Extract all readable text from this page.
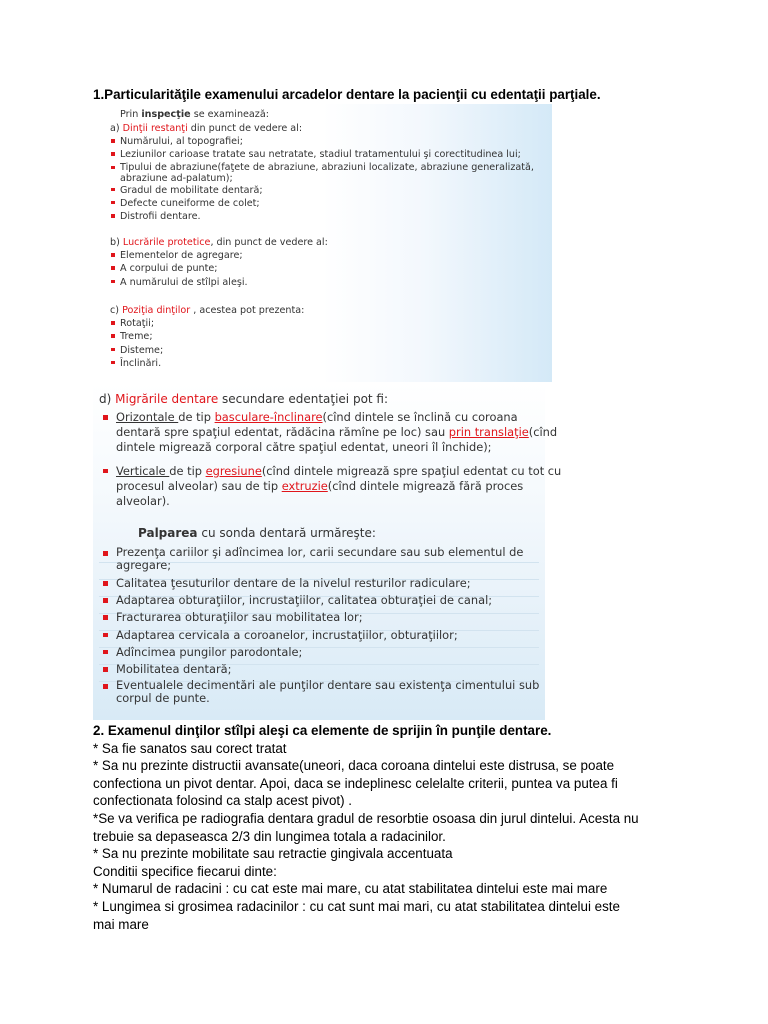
1.Particularităţile examenului arcadelor dentare la pacienţii cu edentaţii parţiale.
Prin inspecţie se examinează:
a) Dinţii restanţi din punct de vedere al:
Numărului, al topografiei;
Leziunilor carioase tratate sau netratate, stadiul tratamentului şi corectitudinea lui;
Tipului de abraziune(faţete de abraziune, abraziuni localizate, abraziune generalizată,
abraziune ad-palatum);
Gradul de mobilitate dentară;
Defecte cuneiforme de colet;
Distrofii dentare.
b) Lucrările protetice, din punct de vedere al:
Elementelor de agregare;
A corpului de punte;
A numărului de stîlpi aleşi.
c) Poziţia dinţilor , acestea pot prezenta:
Rotaţii;
Treme;
Disteme;
Înclinări.
d) Migrările dentare secundare edentaţiei pot fi:
Orizontale de tip basculare-înclinare(cînd dintele se înclină cu coroana
dentară spre spaţiul edentat, rădăcina rămîne pe loc) sau prin translaţie(cînd
dintele migrează corporal către spaţiul edentat, uneori îl închide);
Verticale de tip egresiune(cînd dintele migrează spre spaţiul edentat cu tot cu
procesul alveolar) sau de tip extruzie(cînd dintele migrează fără proces
alveolar).
Palparea cu sonda dentară urmăreşte:
Prezenţa cariilor şi adîncimea lor, carii secundare sau sub elementul de
agregare;
Calitatea ţesuturilor dentare de la nivelul resturilor radiculare;
Adaptarea obturaţiilor, incrustaţiilor, calitatea obturaţiei de canal;
Fracturarea obturaţiilor sau mobilitatea lor;
Adaptarea cervicala a coroanelor, incrustaţiilor, obturaţiilor;
Adîncimea pungilor parodontale;
Mobilitatea dentară;
Eventualele decimentări ale punţilor dentare sau existenţa cimentului sub
corpul de punte.

2. Examenul dinţilor stîlpi aleşi ca elemente de sprijin în punţile dentare.

* Sa fie sanatos sau corect tratat

* Sa nu prezinte distructii avansate(uneori, daca coroana dintelui este distrusa, se poate

confectiona un pivot dentar. Apoi, daca se indeplinesc celelalte criterii, puntea va putea fi

confectionata folosind ca stalp acest pivot) .

*Se va verifica pe radiografia dentara gradul de resorbtie osoasa din jurul dintelui. Acesta nu

trebuie sa depaseasca 2/3 din lungimea totala a radacinilor.

* Sa nu prezinte mobilitate sau retractie gingivala accentuata

Conditii specifice fiecarui dinte:

* Numarul de radacini : cu cat este mai mare, cu atat stabilitatea dintelui este mai mare

* Lungimea si grosimea radacinilor : cu cat sunt mai mari, cu atat stabilitatea dintelui este

mai mare
